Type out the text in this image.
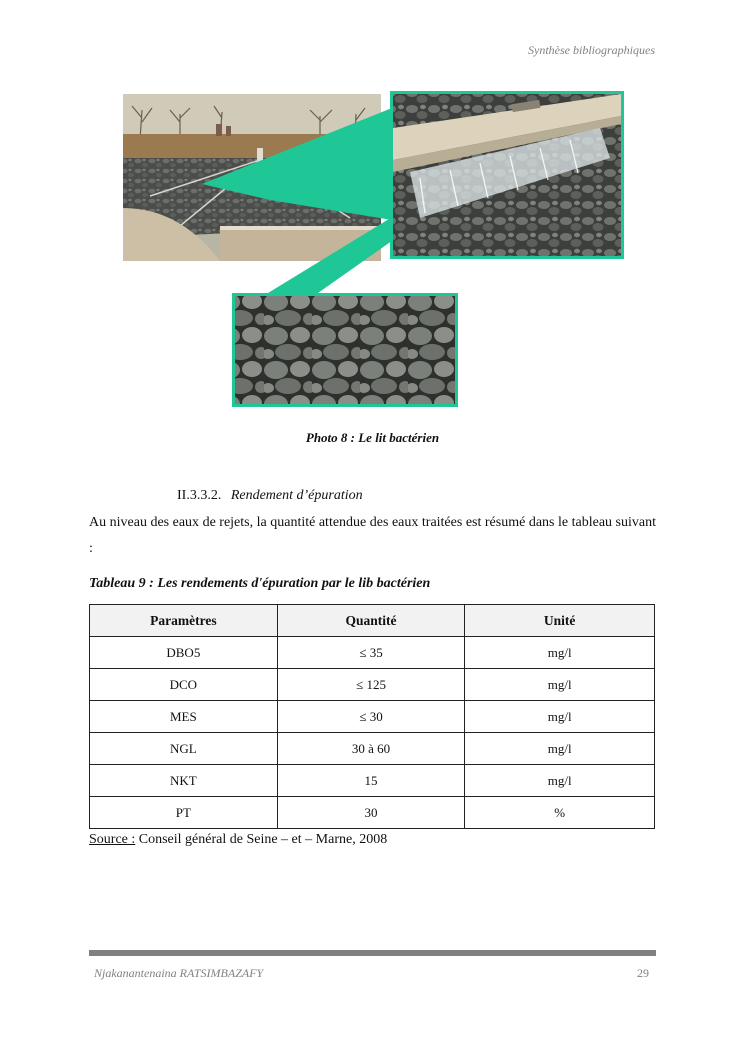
Synthèse bibliographiques
Photo 8 : Le lit bactérien
II.3.3.2. Rendement d’épuration
Au niveau des eaux de rejets, la quantité attendue des eaux traitées est résumé dans le tableau suivant :
Tableau 9 : Les rendements d'épuration par le lib bactérien
Paramètres	Quantité	Unité
DBO5	≤ 35	mg/l
DCO	≤ 125	mg/l
MES	≤ 30	mg/l
NGL	30 à 60	mg/l
NKT	15	mg/l
PT	30	%
Source : Conseil général de Seine – et – Marne, 2008
Njakanantenaina RATSIMBAZAFY	29
